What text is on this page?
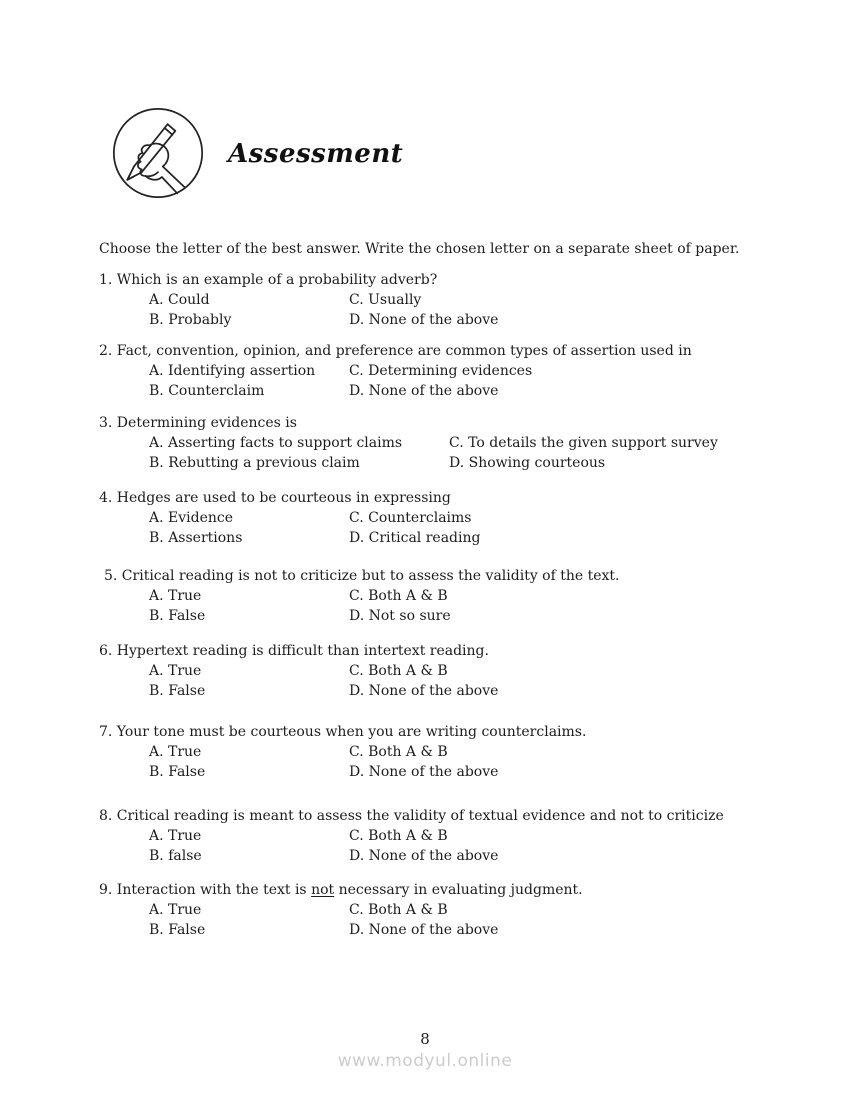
Assessment
Choose the letter of the best answer. Write the chosen letter on a separate sheet of paper.
1. Which is an example of a probability adverb?
A. Could	C. Usually
B. Probably	D. None of the above
2. Fact, convention, opinion, and preference are common types of assertion used in
A. Identifying assertion C. Determining evidences
B. Counterclaim	D. None of the above
3. Determining evidences is
A. Asserting facts to support claims	C. To details the given support survey
B. Rebutting a previous claim	D. Showing courteous
4. Hedges are used to be courteous in expressing
A. Evidence	C. Counterclaims
B. Assertions	D. Critical reading
5. Critical reading is not to criticize but to assess the validity of the text.
A. True	C. Both A & B
B. False	D. Not so sure
6. Hypertext reading is difficult than intertext reading.
A. True	C. Both A & B
B. False	D. None of the above
7. Your tone must be courteous when you are writing counterclaims.
A. True	C. Both A & B
B. False	D. None of the above
8. Critical reading is meant to assess the validity of textual evidence and not to criticize
A. True	C. Both A & B
B. false	D. None of the above
9. Interaction with the text is not necessary in evaluating judgment.
A. True	C. Both A & B
B. False	D. None of the above
8
www.modyul.online
